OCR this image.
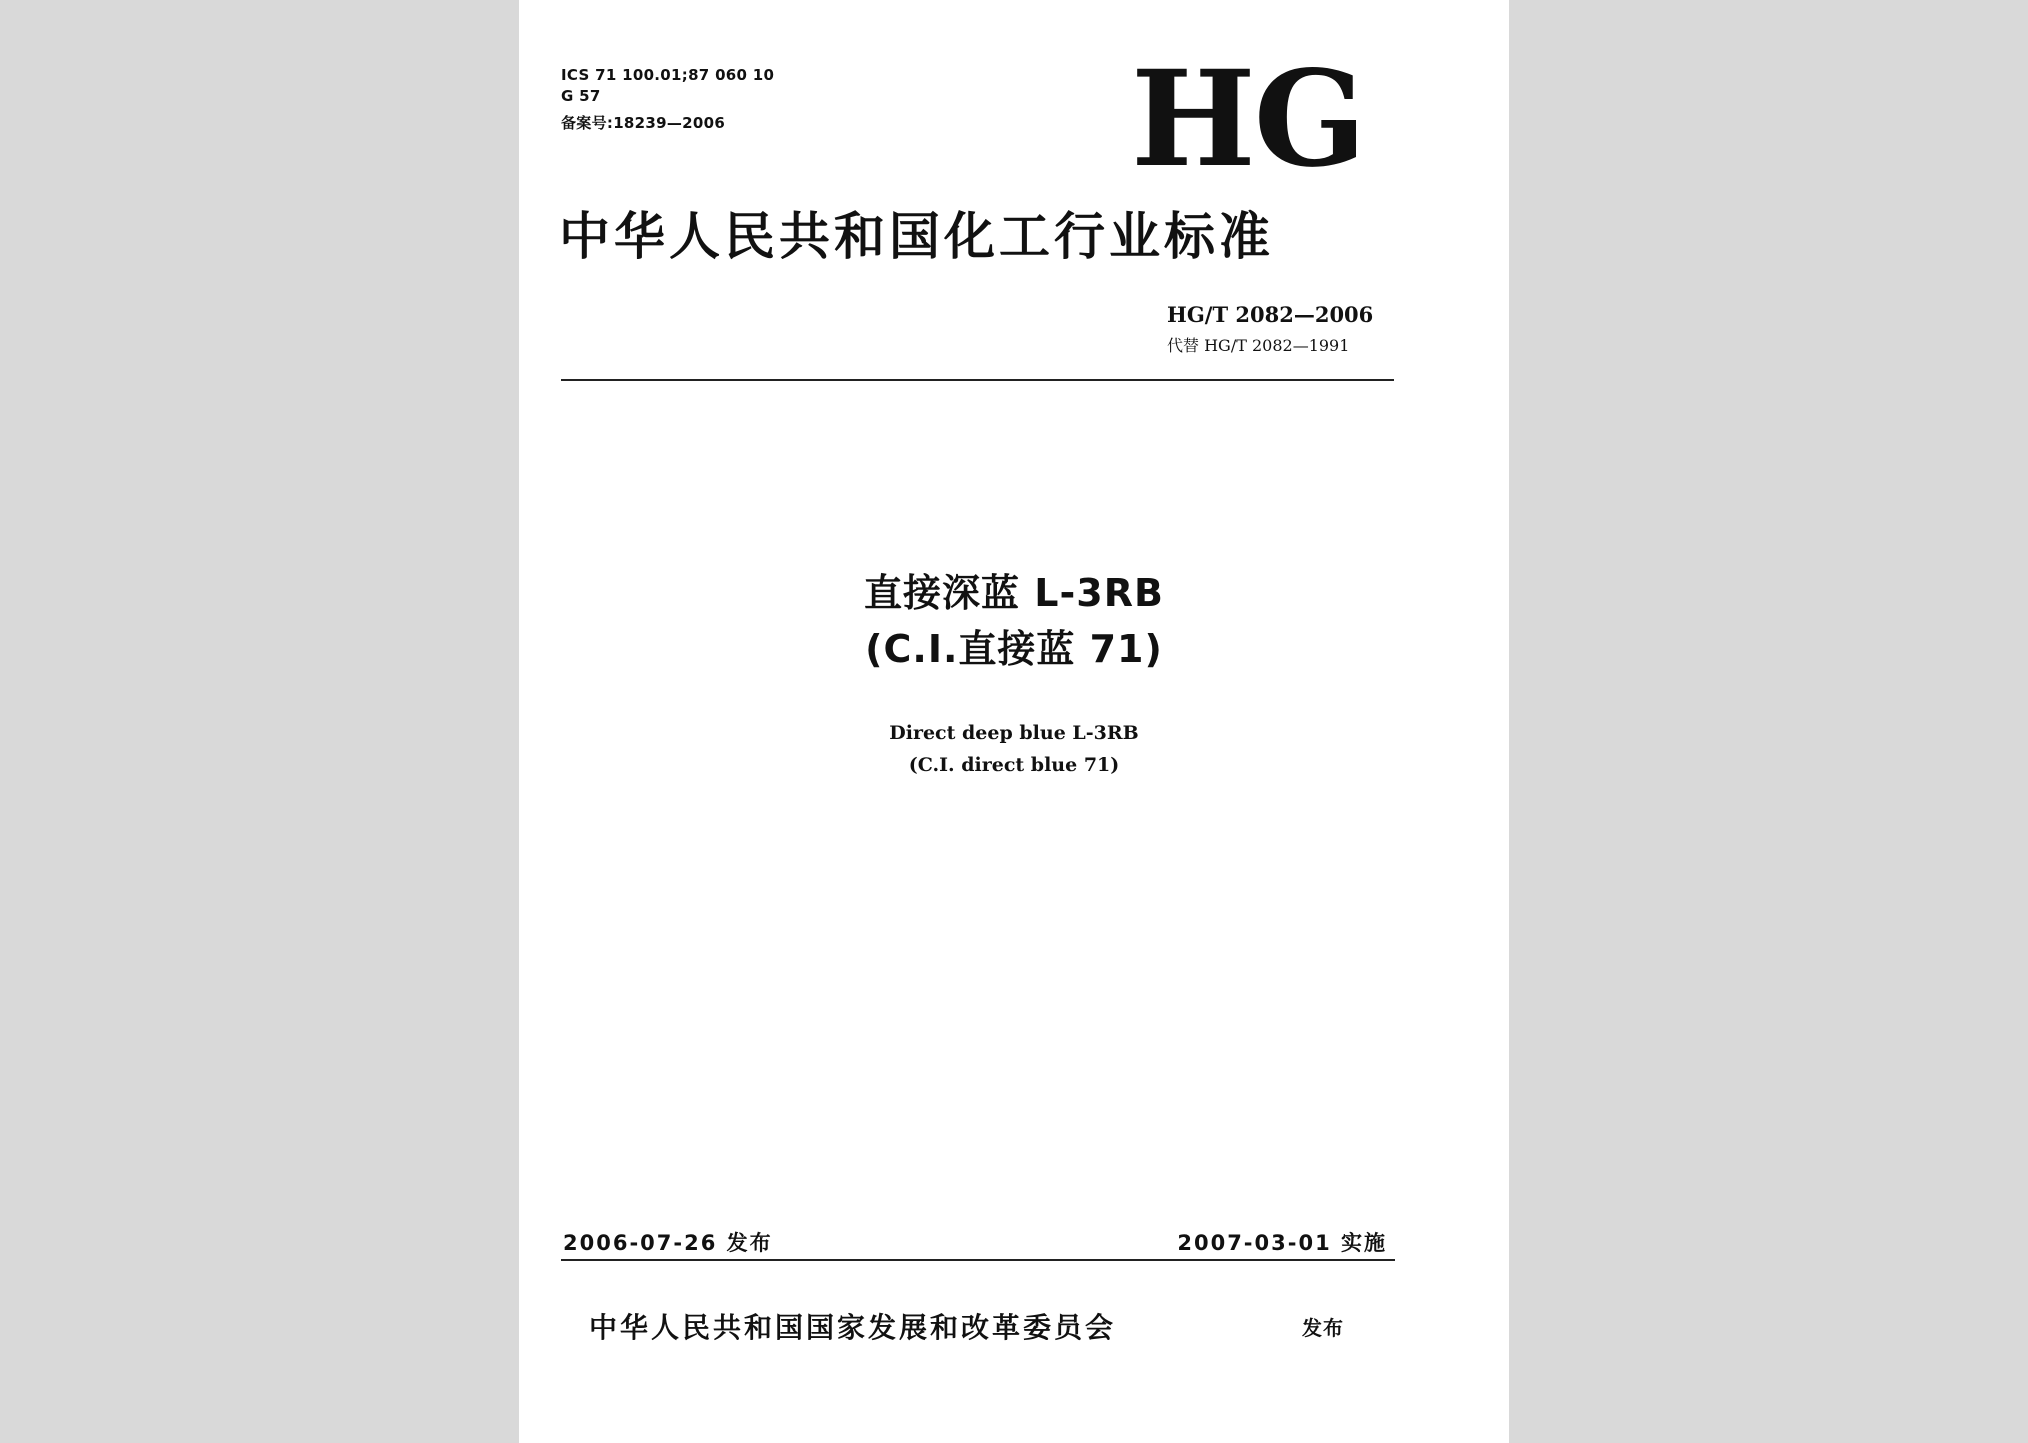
ICS 71 100.01;87 060 10
G 57
备案号:18239—2006	HG
中华人民共和国化工行业标准
HG/T 2082—2006
代替 HG/T 2082—1991
直接深蓝 L-3RB
(C.I.直接蓝 71)
Direct deep blue L-3RB
(C.I. direct blue 71)
2006-07-26 发布	2007-03-01 实施
中华人民共和国国家发展和改革委员会	发布
